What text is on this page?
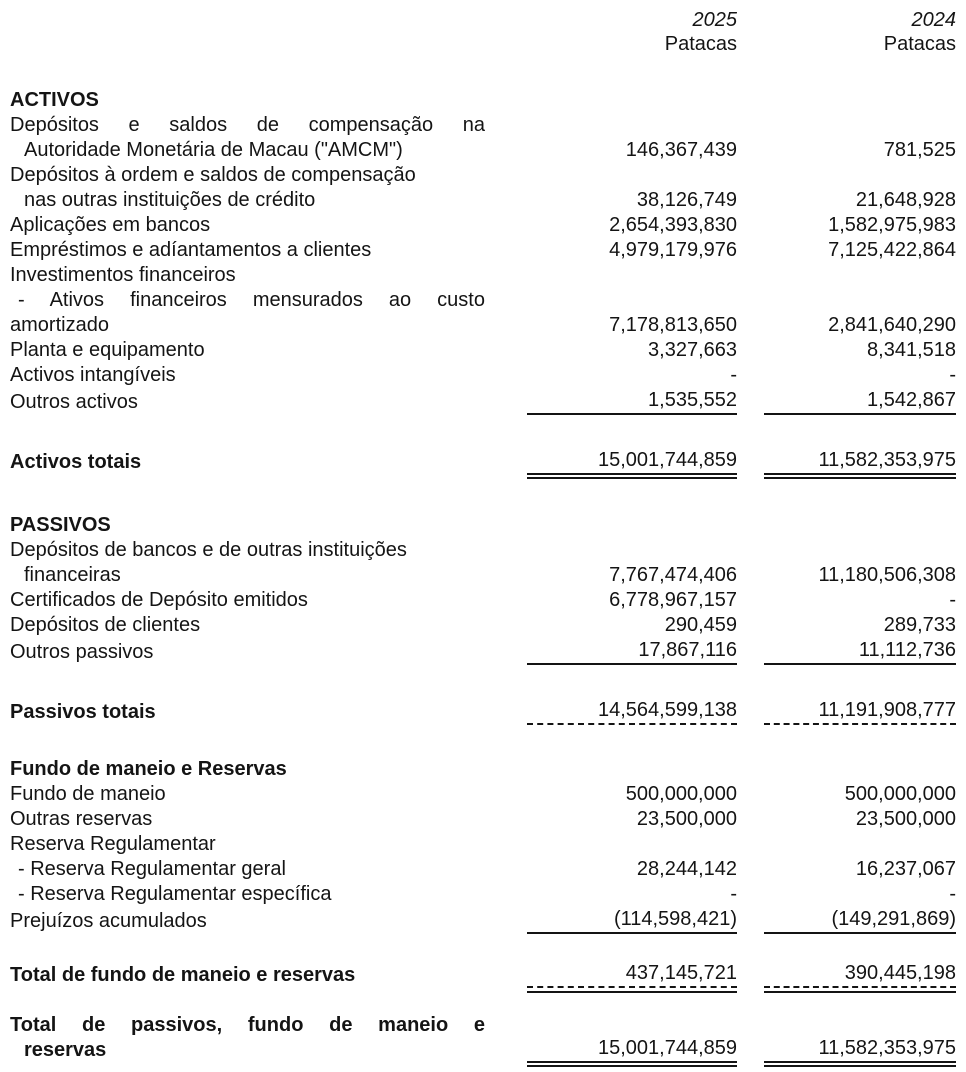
2025
Patacas
2024
Patacas
ACTIVOS
Depósitos e saldos de compensação na
Autoridade Monetária de Macau ("AMCM")	146,367,439	781,525
Depósitos à ordem e saldos de compensação
nas outras instituições de crédito	38,126,749	21,648,928
Aplicações em bancos	2,654,393,830	1,582,975,983
Empréstimos e adíantamentos a clientes	4,979,179,976	7,125,422,864
Investimentos financeiros
- Ativos financeiros mensurados ao custo
amortizado	7,178,813,650	2,841,640,290
Planta e equipamento	3,327,663	8,341,518
Activos intangíveis	-	-
Outros activos	1,535,552	1,542,867
Activos totais	15,001,744,859	11,582,353,975
PASSIVOS
Depósitos de bancos e de outras instituições
financeiras	7,767,474,406	11,180,506,308
Certificados de Depósito emitidos	6,778,967,157	-
Depósitos de clientes	290,459	289,733
Outros passivos	17,867,116	11,112,736
Passivos totais	14,564,599,138	11,191,908,777
Fundo de maneio e Reservas
Fundo de maneio	500,000,000	500,000,000
Outras reservas	23,500,000	23,500,000
Reserva Regulamentar
- Reserva Regulamentar geral	28,244,142	16,237,067
- Reserva Regulamentar específica	-	-
Prejuízos acumulados	(114,598,421)	(149,291,869)
Total de fundo de maneio e reservas	437,145,721	390,445,198
Total de passivos, fundo de maneio e
reservas	15,001,744,859	11,582,353,975
